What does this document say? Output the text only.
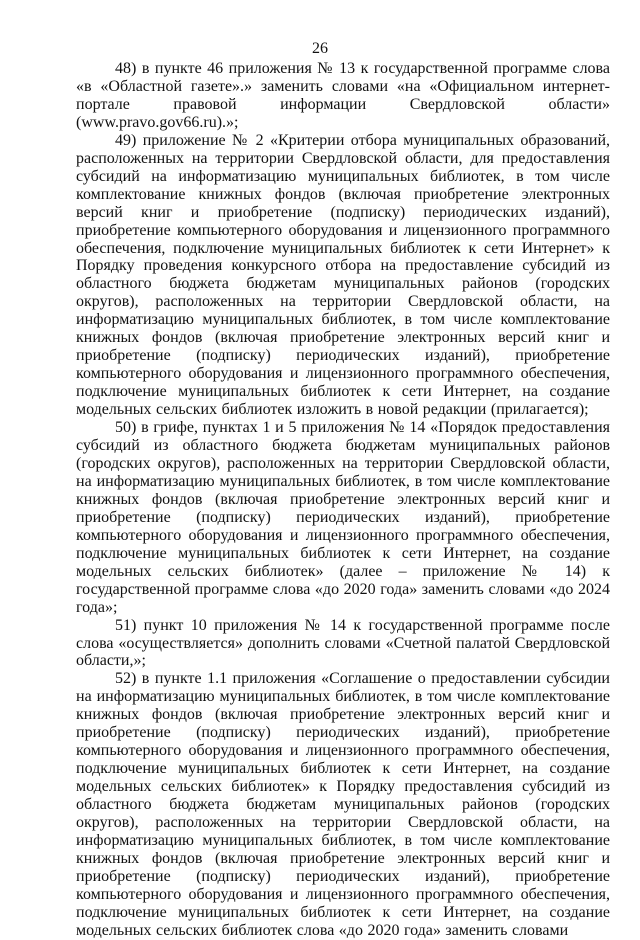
26

48) в пункте 46 приложения № 13 к государственной программе слова «в «Областной газете».» заменить словами «на «Официальном интернет-портале правовой информации Свердловской области» (www.pravo.gov66.ru).»;

49) приложение № 2 «Критерии отбора муниципальных образований, расположенных на территории Свердловской области, для предоставления субсидий на информатизацию муниципальных библиотек, в том числе комплектование книжных фондов (включая приобретение электронных версий книг и приобретение (подписку) периодических изданий), приобретение компьютерного оборудования и лицензионного программного обеспечения, подключение муниципальных библиотек к сети Интернет» к Порядку проведения конкурсного отбора на предоставление субсидий из областного бюджета бюджетам муниципальных районов (городских округов), расположенных на территории Свердловской области, на информатизацию муниципальных библиотек, в том числе комплектование книжных фондов (включая приобретение электронных версий книг и приобретение (подписку) периодических изданий), приобретение компьютерного оборудования и лицензионного программного обеспечения, подключение муниципальных библиотек к сети Интернет, на создание модельных сельских библиотек изложить в новой редакции (прилагается);

50) в грифе, пунктах 1 и 5 приложения № 14 «Порядок предоставления субсидий из областного бюджета бюджетам муниципальных районов (городских округов), расположенных на территории Свердловской области, на информатизацию муниципальных библиотек, в том числе комплектование книжных фондов (включая приобретение электронных версий книг и приобретение (подписку) периодических изданий), приобретение компьютерного оборудования и лицензионного программного обеспечения, подключение муниципальных библиотек к сети Интернет, на создание модельных сельских библиотек» (далее – приложение № 14) к государственной программе слова «до 2020 года» заменить словами «до 2024 года»;

51) пункт 10 приложения № 14 к государственной программе после слова «осуществляется» дополнить словами «Счетной палатой Свердловской области,»;

52) в пункте 1.1 приложения «Соглашение о предоставлении субсидии на информатизацию муниципальных библиотек, в том числе комплектование книжных фондов (включая приобретение электронных версий книг и приобретение (подписку) периодических изданий), приобретение компьютерного оборудования и лицензионного программного обеспечения, подключение муниципальных библиотек к сети Интернет, на создание модельных сельских библиотек» к Порядку предоставления субсидий из областного бюджета бюджетам муниципальных районов (городских округов), расположенных на территории Свердловской области, на информатизацию муниципальных библиотек, в том числе комплектование книжных фондов (включая приобретение электронных версий книг и приобретение (подписку) периодических изданий), приобретение компьютерного оборудования и лицензионного программного обеспечения, подключение муниципальных библиотек к сети Интернет, на создание модельных сельских библиотек слова «до 2020 года» заменить словами
